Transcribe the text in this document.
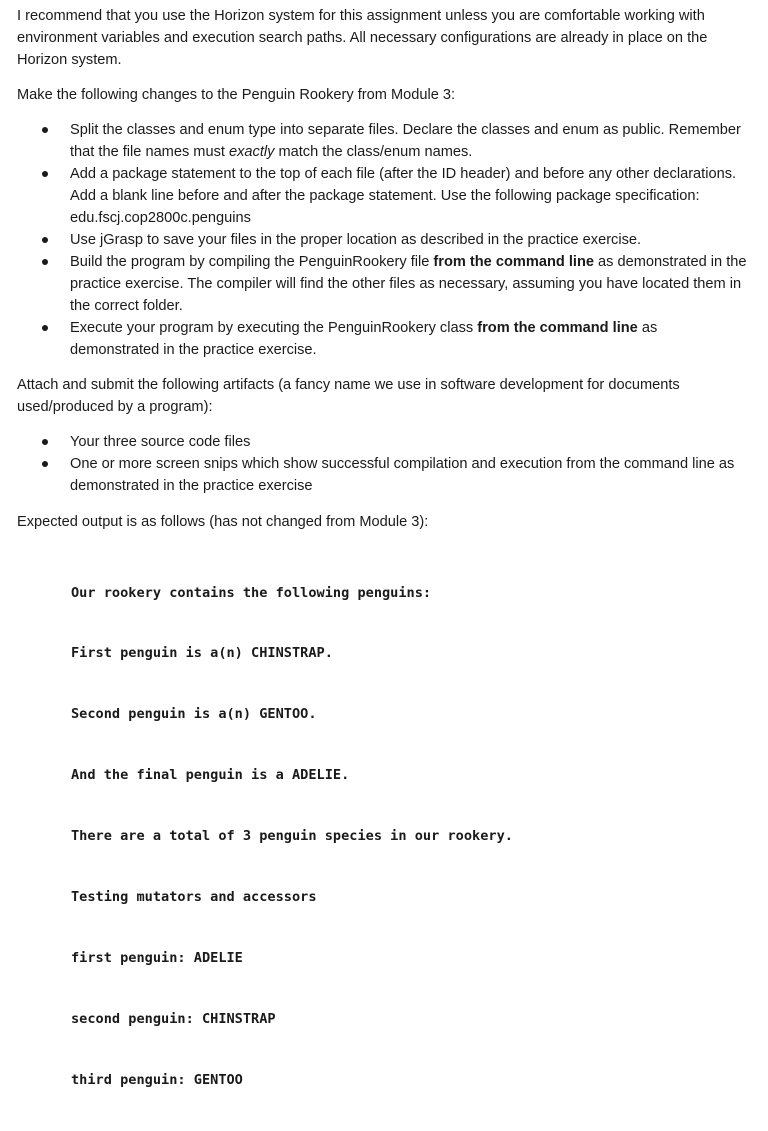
I recommend that you use the Horizon system for this assignment unless you are comfortable working with environment variables and execution search paths. All necessary configurations are already in place on the Horizon system.

Make the following changes to the Penguin Rookery from Module 3:

Split the classes and enum type into separate files. Declare the classes and enum as public. Remember that the file names must exactly match the class/enum names.
Add a package statement to the top of each file (after the ID header) and before any other declarations. Add a blank line before and after the package statement. Use the following package specification: edu.fscj.cop2800c.penguins
Use jGrasp to save your files in the proper location as described in the practice exercise.
Build the program by compiling the PenguinRookery file from the command line as demonstrated in the practice exercise. The compiler will find the other files as necessary, assuming you have located them in the correct folder.
Execute your program by executing the PenguinRookery class from the command line as demonstrated in the practice exercise.

Attach and submit the following artifacts (a fancy name we use in software development for documents used/produced by a program):

Your three source code files
One or more screen snips which show successful compilation and execution from the command line as demonstrated in the practice exercise

Expected output is as follows (has not changed from Module 3):

Our rookery contains the following penguins:

First penguin is a(n) CHINSTRAP.

Second penguin is a(n) GENTOO.

And the final penguin is a ADELIE.

There are a total of 3 penguin species in our rookery.

Testing mutators and accessors

first penguin: ADELIE

second penguin: CHINSTRAP

third penguin: GENTOO
